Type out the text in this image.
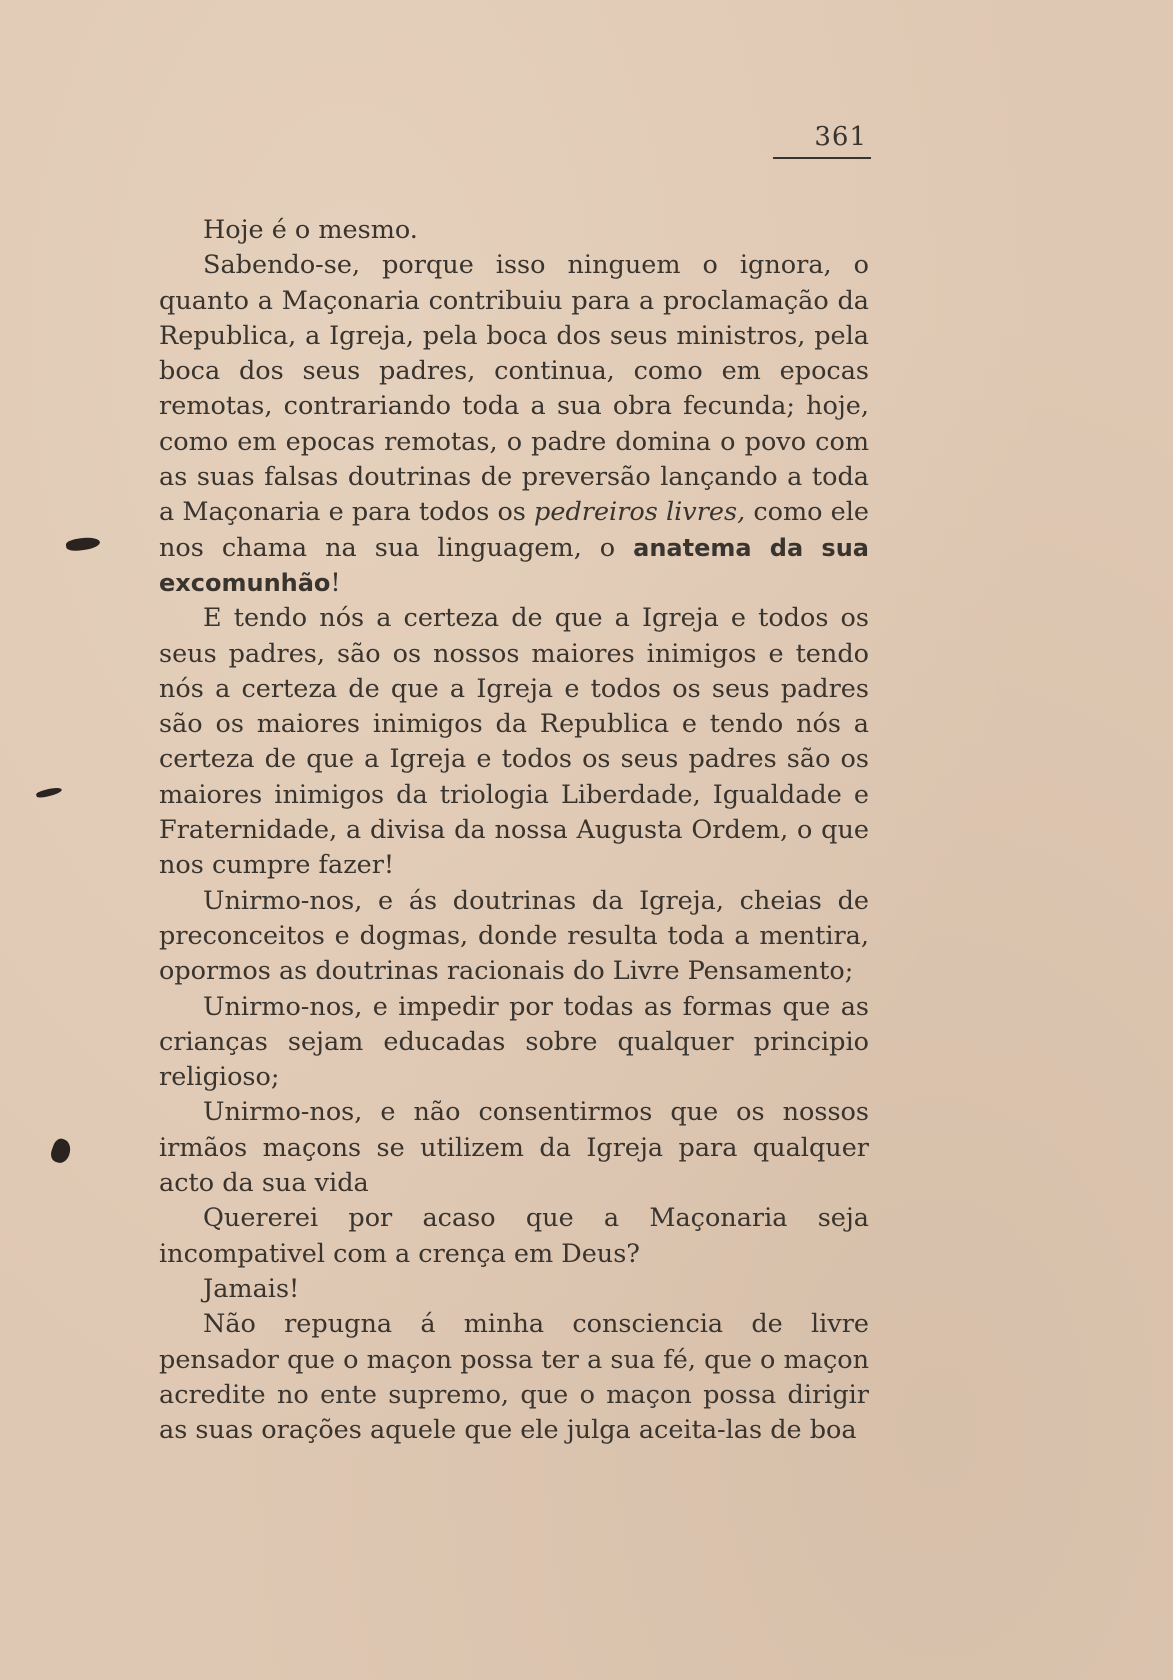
361

Hoje é o mesmo.

Sabendo-se, porque isso ninguem o ignora, o quanto a Maçonaria contribuiu para a proclamação da Republica, a Igreja, pela boca dos seus ministros, pela boca dos seus padres, continua, como em epocas remotas, contrariando toda a sua obra fecunda; hoje, como em epocas remotas, o padre domina o povo com as suas falsas doutrinas de preversão lançando a toda a Maçonaria e para todos os pedreiros livres, como ele nos chama na sua linguagem, o anatema da sua excomunhão!

E tendo nós a certeza de que a Igreja e todos os seus padres, são os nossos maiores inimigos e tendo nós a certeza de que a Igreja e todos os seus padres são os maiores inimigos da Republica e tendo nós a certeza de que a Igreja e todos os seus padres são os maiores inimigos da triologia Liberdade, Igualdade e Fraternidade, a divisa da nossa Augusta Ordem, o que nos cumpre fazer!

Unirmo-nos, e ás doutrinas da Igreja, cheias de preconceitos e dogmas, donde resulta toda a mentira, opormos as doutrinas racionais do Livre Pensamento;

Unirmo-nos, e impedir por todas as formas que as crianças sejam educadas sobre qualquer principio religioso;

Unirmo-nos, e não consentirmos que os nossos irmãos maçons se utilizem da Igreja para qualquer acto da sua vida

Quererei por acaso que a Maçonaria seja incompativel com a crença em Deus?

Jamais!

Não repugna á minha consciencia de livre pensador que o maçon possa ter a sua fé, que o maçon acredite no ente supremo, que o maçon possa dirigir as suas orações aquele que ele julga aceita-las de boa
